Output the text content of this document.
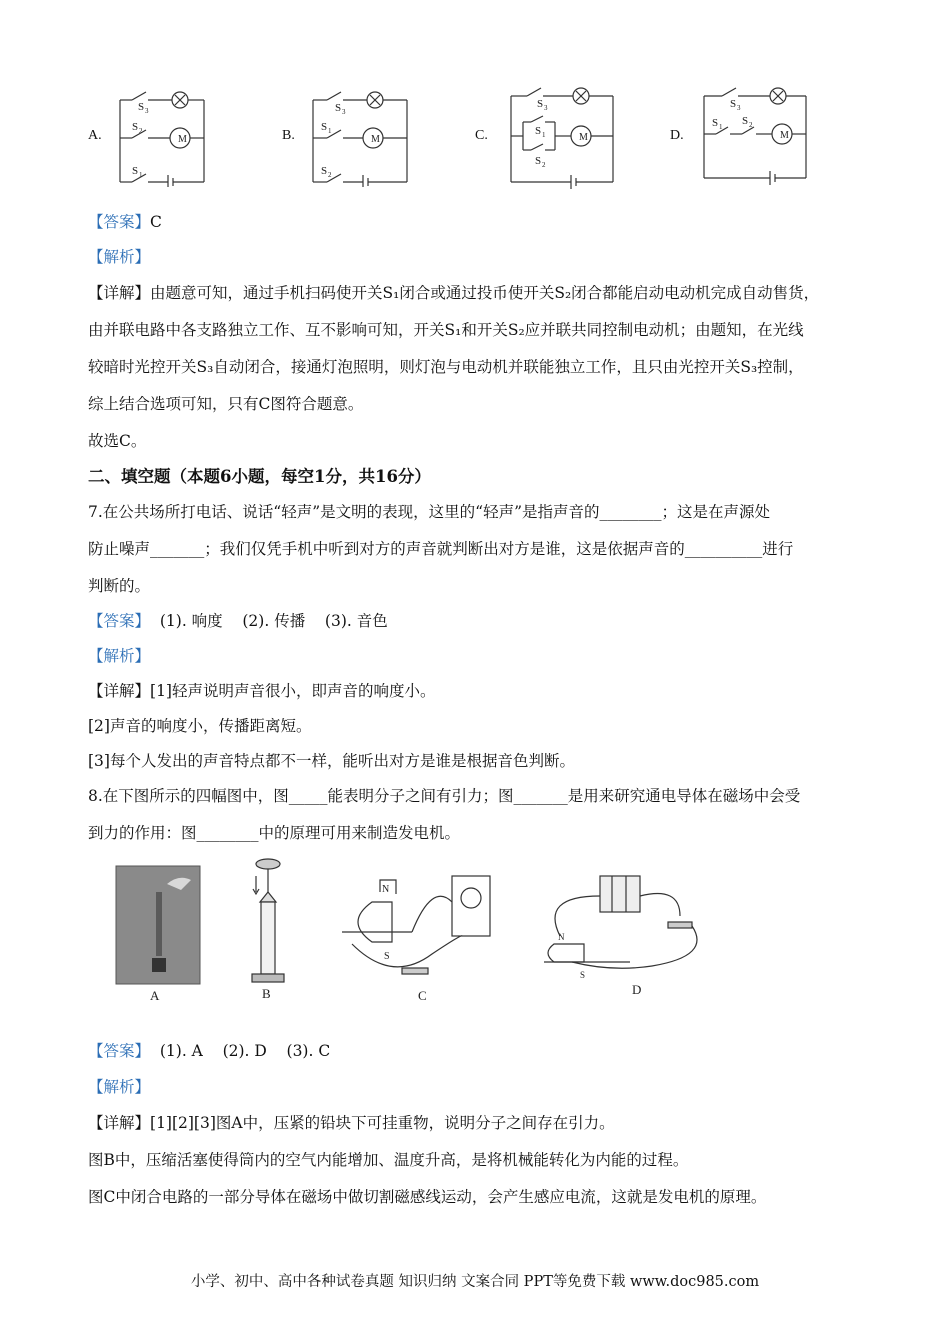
A.
S 3
M
S 2
S 1
B.
S 3
M
S 1
S 2
C.
S 3
M
S 1
S 2
D.
S 3
M
S 1 S 2
【答案】C
【解析】
【详解】由题意可知，通过手机扫码使开关S₁闭合或通过投币使开关S₂闭合都能启动电动机完成自动售货，
由并联电路中各支路独立工作、互不影响可知，开关S₁和开关S₂应并联共同控制电动机；由题知，在光线
较暗时光控开关S₃自动闭合，接通灯泡照明，则灯泡与电动机并联能独立工作，且只由光控开关S₃控制，
综上结合选项可知，只有C图符合题意。
故选C。
二、填空题（本题6小题，每空1分，共16分）
7.在公共场所打电话、说话“轻声”是文明的表现，这里的“轻声”是指声音的________；这是在声源处
防止噪声_______；我们仅凭手机中听到对方的声音就判断出对方是谁，这是依据声音的__________进行
判断的。
【答案】  (1). 响度    (2). 传播    (3). 音色
【解析】
【详解】[1]轻声说明声音很小，即声音的响度小。
[2]声音的响度小，传播距离短。
[3]每个人发出的声音特点都不一样，能听出对方是谁是根据音色判断。
8.在下图所示的四幅图中，图_____能表明分子之间有引力；图_______是用来研究通电导体在磁场中会受
到力的作用：图________中的原理可用来制造发电机。
A	B
N
S
C
N
S
D
【答案】  (1). A    (2). D    (3). C
【解析】
【详解】[1][2][3]图A中，压紧的铅块下可挂重物，说明分子之间存在引力。
图B中，压缩活塞使得筒内的空气内能增加、温度升高，是将机械能转化为内能的过程。
图C中闭合电路的一部分导体在磁场中做切割磁感线运动，会产生感应电流，这就是发电机的原理。
小学、初中、高中各种试卷真题 知识归纳 文案合同 PPT等免费下载 www.doc985.com
